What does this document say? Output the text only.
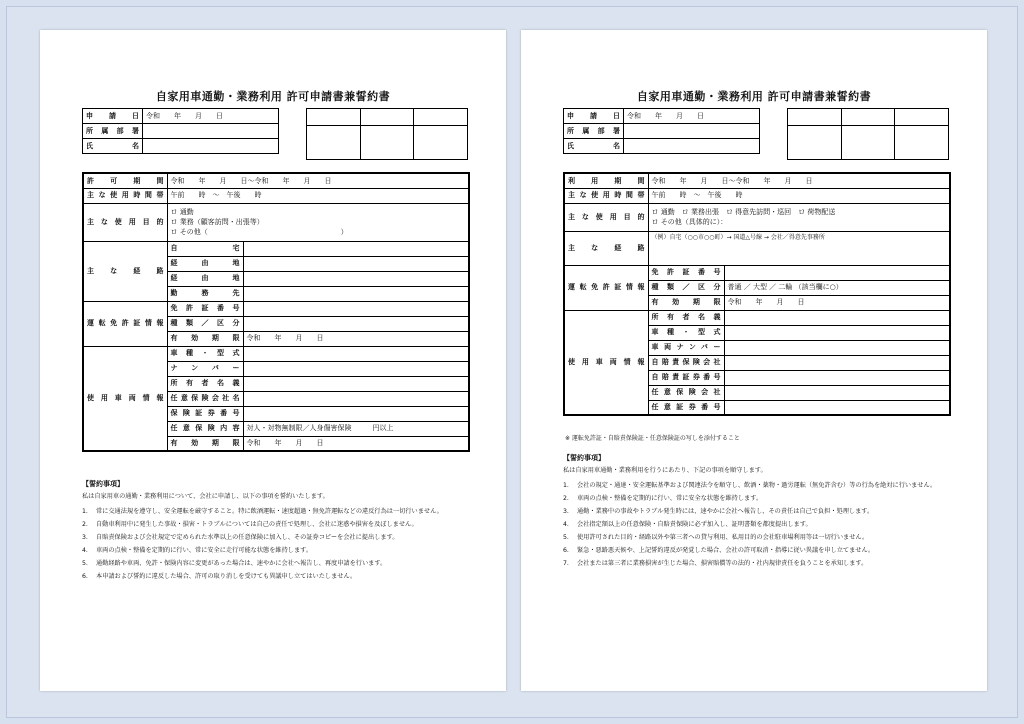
自家用車通勤・業務利用 許可申請書兼誓約書
申 請 日	令和　　年　　月　　日
所 属 部 署	
氏　　名	

許 可 期 間	令和　　年　　月　　日～令和　　年　　月　　日	
主な使用時間帯	午前　　時　～　午後　　時	
主な使用目的	ロ 通勤
ロ 業務（顧客訪問・出張等）
ロ その他（　　　　　　　　　　　　　　　　　　　）	

主 な 経 路	自　　　　宅	
	経　由　地	
	経　由　地	
	勤　務　先	
運転免許証情報	免 許 証 番 号	
	種 類 ／ 区 分	
	有 効 期 限	令和　　年　　月　　日
使用車両情報	車 種 ・ 型 式	
	ナ ン バ ー	
	所 有 者 名 義	
	任意保険会社名	
	保 険 証 券 番 号	
	任 意 保 険 内 容	対人・対物無制限／人身傷害保険　　　円以上
	有 効 期 限	令和　　年　　月　　日
【誓約事項】
私は自家用車の通勤・業務利用について、会社に申請し、以下の事項を誓約いたします。
1.	常に交通法規を遵守し、安全運転を厳守すること。特に飲酒運転・速度超過・無免許運転などの違反行為は一切行いません。
2.	自動車利用中に発生した事故・損害・トラブルについては自己の責任で処理し、会社に迷惑や損害を及ぼしません。
3.	自賠責保険および会社規定で定められた水準以上の任意保険に加入し、その証券コピーを会社に提出します。
4.	車両の点検・整備を定期的に行い、常に安全に走行可能な状態を維持します。
5.	通勤経路や車両、免許・保険内容に変更があった場合は、速やかに会社へ報告し、再度申請を行います。
6.	本申請および誓約に違反した場合、許可の取り消しを受けても異議申し立てはいたしません。
自家用車通勤・業務利用 許可申請書兼誓約書
申 請 日	令和　　年　　月　　日
所 属 部 署	
氏　　名	

利 用 期 間	令和　　年　　月　　日～令和　　年　　月　　日	
主な使用時間帯	午前　　時　～　午後　　時	
主な使用目的	ロ 通勤　ロ 業務出張　ロ 得意先訪問・巡回　ロ 荷物配送
ロ その他（具体的に）：	

主 な 経 路	（例）自宅（○○市○○町）→ 国道△号線 → 会社／得意先事務所	
運転免許証情報	免 許 証 番 号	
	種 類 ／ 区 分	普通 ／ 大型 ／ 二輪 （該当欄に○）
	有 効 期 限	令和　　年　　月　　日
使用車両情報	所 有 者 名 義	
	車 種 ・ 型 式	
	車両ナンバー	
	自賠責保険会社	
	自賠責証券番号	
	任 意 保 険 会 社	
	任意証券番号	
※ 運転免許証・自賠責保険証・任意保険証の写しを添付すること
【誓約事項】
私は自家用車通勤・業務利用を行うにあたり、下記の事項を順守します。
1.	会社の規定・通達・安全運転基準および関連法令を順守し、飲酒・薬物・過労運転（無免許含む）等の行為を絶対に行いません。
2.	車両の点検・整備を定期的に行い、常に安全な状態を維持します。
3.	通勤・業務中の事故やトラブル発生時には、速やかに会社へ報告し、その責任は自己で負担・処理します。
4.	会社指定額以上の任意保険・自賠責保険に必ず加入し、証明書類を都度提出します。
5.	使用許可された目的・経路以外や第三者への貸与利用、私用目的の会社駐車場利用等は一切行いません。
6.	緊急・悪路悪天候や、上記誓約違反が発覚した場合、会社の許可取消・指導に従い異議を申し立てません。
7.	会社または第三者に業務損害が生じた場合、損害賠償等の法的・社内規律責任を負うことを承知します。
